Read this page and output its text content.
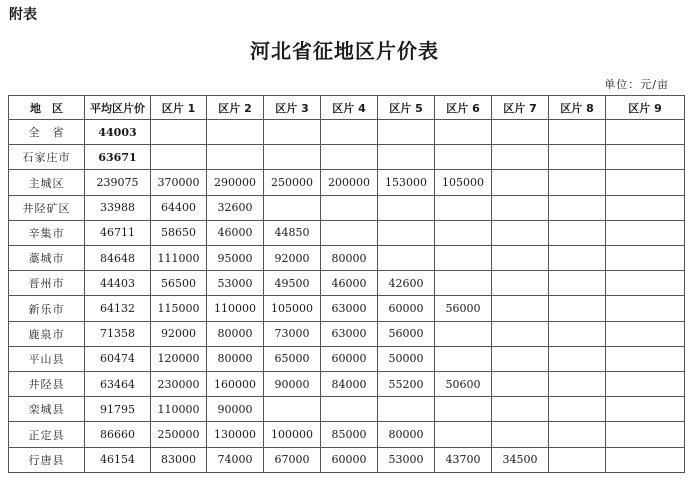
附表
河北省征地区片价表
单位：元/亩
地　区	平均区片价	区片 1	区片 2	区片 3	区片 4	区片 5	区片 6	区片 7	区片 8	区片 9
全　省	44003									
石家庄市	63671									
主城区	239075	370000	290000	250000	200000	153000	105000			
井陉矿区	33988	64400	32600							
辛集市	46711	58650	46000	44850						
藁城市	84648	111000	95000	92000	80000					
晋州市	44403	56500	53000	49500	46000	42600				
新乐市	64132	115000	110000	105000	63000	60000	56000			
鹿泉市	71358	92000	80000	73000	63000	56000				
平山县	60474	120000	80000	65000	60000	50000				
井陉县	63464	230000	160000	90000	84000	55200	50600			
栾城县	91795	110000	90000							
正定县	86660	250000	130000	100000	85000	80000				
行唐县	46154	83000	74000	67000	60000	53000	43700	34500		
